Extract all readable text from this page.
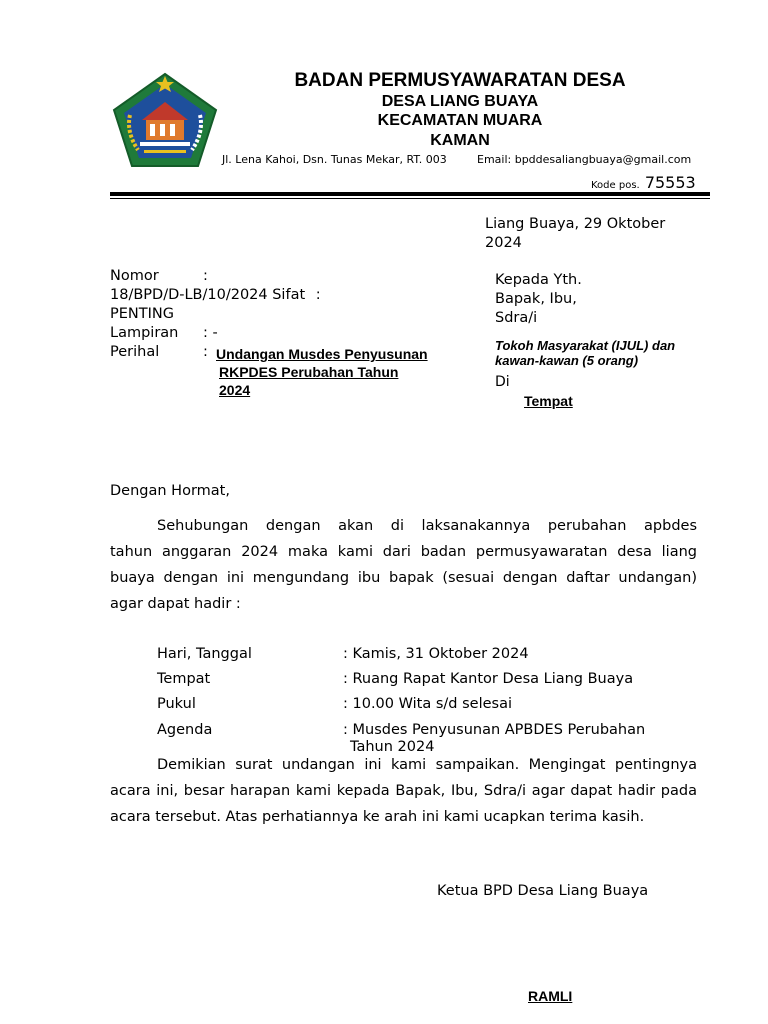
BADAN PERMUSYAWARATAN DESA
DESA LIANG BUAYA
KECAMATAN MUARA
KAMAN
Jl. Lena Kahoi, Dsn. Tunas Mekar, RT. 003	Email: bpddesaliangbuaya@gmail.com
Kode pos. 75553
Liang Buaya, 29 Oktober
2024
Nomor	:
18/BPD/D-LB/10/2024 Sifat :
PENTING
Lampiran : -
Perihal	: Undangan Musdes Penyusunan
RKPDES Perubahan Tahun
2024
Kepada Yth.
Bapak, Ibu,
Sdra/i
Tokoh Masyarakat (IJUL) dan
kawan-kawan (5 orang)
Di
Tempat
Dengan Hormat,
Sehubungan dengan akan di laksanakannya perubahan apbdes
tahun anggaran 2024 maka kami dari badan permusyawaratan desa liang buaya dengan ini mengundang ibu bapak (sesuai dengan daftar undangan) agar dapat hadir :
Hari, Tanggal	: Kamis, 31 Oktober 2024
Tempat	: Ruang Rapat Kantor Desa Liang Buaya
Pukul	: 10.00 Wita s/d selesai
Agenda	: Musdes Penyusunan APBDES Perubahan
Tahun 2024
Demikian surat undangan ini kami sampaikan. Mengingat pentingnya acara ini, besar harapan kami kepada Bapak, Ibu, Sdra/i agar dapat hadir pada acara tersebut. Atas perhatiannya ke arah ini kami ucapkan terima kasih.
Ketua BPD Desa Liang Buaya
RAMLI
